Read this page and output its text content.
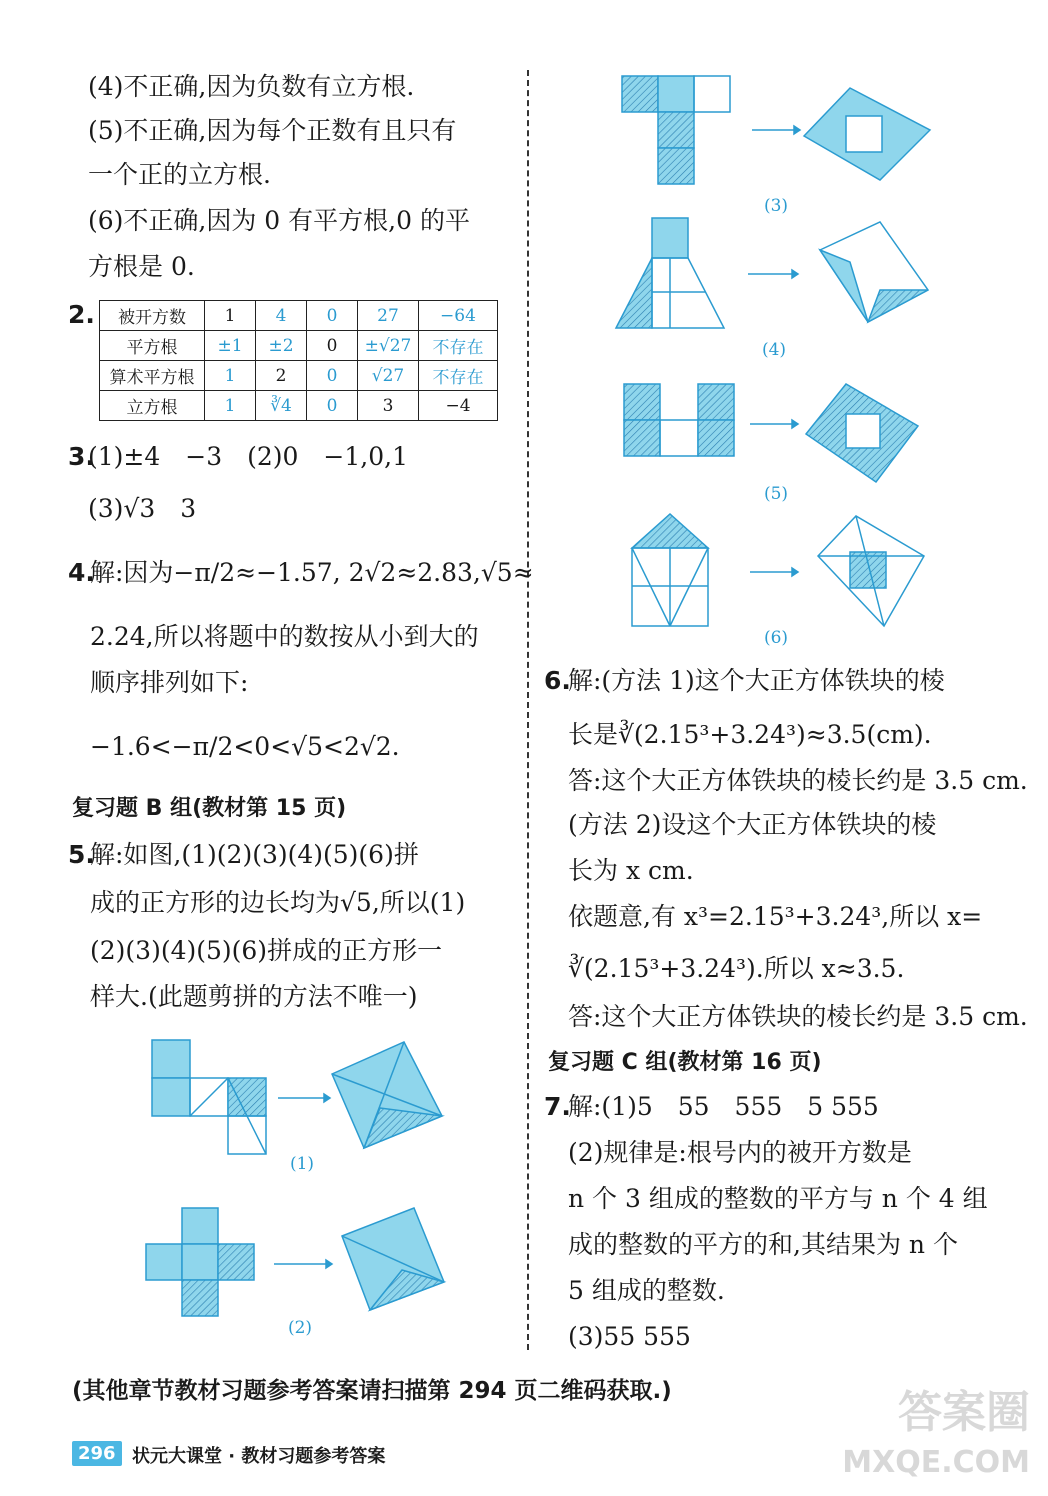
(4)不正确,因为负数有立方根.
(5)不正确,因为每个正数有且只有
一个正的立方根.
(6)不正确,因为 0 有平方根,0 的平
方根是 0.
2. 被开方数	1	4	0	27	−64
平方根	±1	±2	0	±√27	不存在
算术平方根	1	2	0	√27	不存在
立方根	1	∛4	0	3	−4
3.
(1)±4　−3　(2)0　−1,0,1
(3)√3　3
4.
解:因为−π/2≈−1.57, 2√2≈2.83,√5≈
2.24,所以将题中的数按从小到大的
顺序排列如下:
−1.6<−π/2<0<√5<2√2.
复习题 B 组(教材第 15 页)
5.
解:如图,(1)(2)(3)(4)(5)(6)拼
成的正方形的边长均为√5,所以(1)
(2)(3)(4)(5)(6)拼成的正方形一
样大.(此题剪拼的方法不唯一)
(1)
(2)
(3)
(4)
(5)
(6)
6.
解:(方法 1)这个大正方体铁块的棱
长是∛(2.15³+3.24³)≈3.5(cm).
答:这个大正方体铁块的棱长约是 3.5 cm.
(方法 2)设这个大正方体铁块的棱
长为 x cm.
依题意,有 x³=2.15³+3.24³,所以 x=
∛(2.15³+3.24³).所以 x≈3.5.
答:这个大正方体铁块的棱长约是 3.5 cm.
复习题 C 组(教材第 16 页)
7.
解:(1)5　55　555　5 555
(2)规律是:根号内的被开方数是
n 个 3 组成的整数的平方与 n 个 4 组
成的整数的平方的和,其结果为 n 个
5 组成的整数.
(3)55 555
(其他章节教材习题参考答案请扫描第 294 页二维码获取.)
296 状元大课堂 · 教材习题参考答案
答案圈
MXQE.COM
